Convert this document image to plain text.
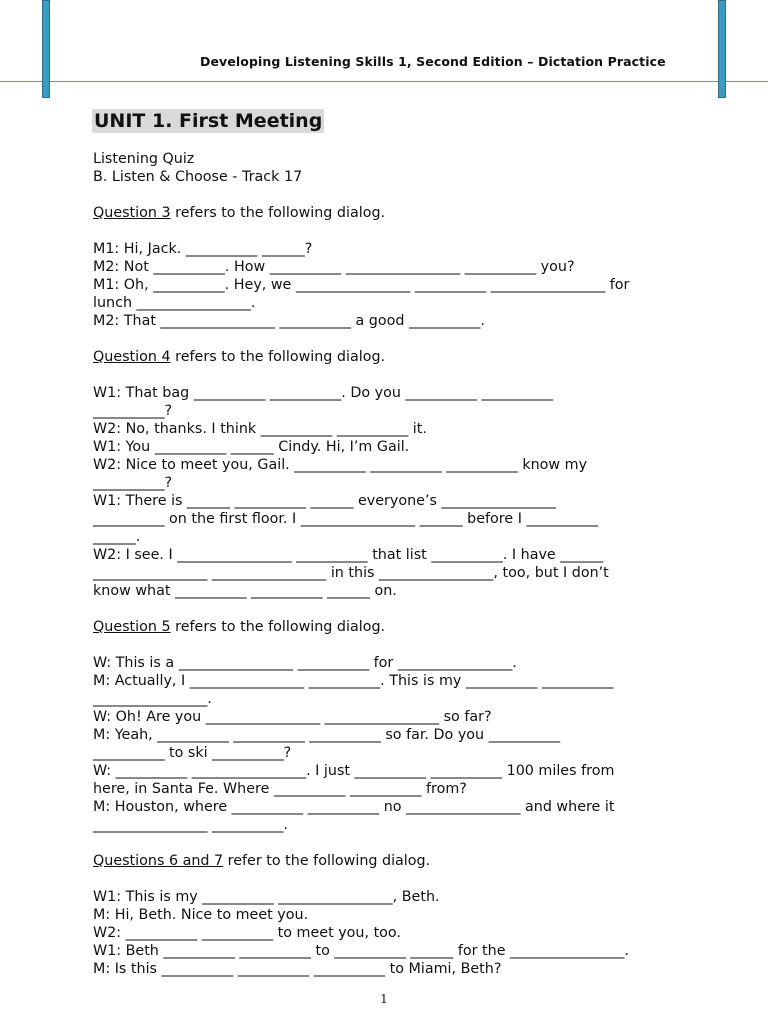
Developing Listening Skills 1, Second Edition – Dictation Practice
UNIT 1. First Meeting

Listening Quiz

B. Listen & Choose - Track 17

Question 3 refers to the following dialog.

M1: Hi, Jack. __________ ______?

M2: Not __________. How __________ ________________ __________ you?

M1: Oh, __________. Hey, we ________________ __________ ________________ for

lunch ________________.

M2: That ________________ __________ a good __________.

Question 4 refers to the following dialog.

W1: That bag __________ __________. Do you __________ __________

__________?

W2: No, thanks. I think __________ __________ it.

W1: You __________ ______ Cindy. Hi, I’m Gail.

W2: Nice to meet you, Gail. __________ __________ __________ know my

__________?

W1: There is ______ __________ ______ everyone’s ________________

__________ on the first floor. I ________________ ______ before I __________

______.

W2: I see. I ________________ __________ that list __________. I have ______

________________ ________________ in this ________________, too, but I don’t

know what __________ __________ ______ on.

Question 5 refers to the following dialog.

W: This is a ________________ __________ for ________________.

M: Actually, I ________________ __________. This is my __________ __________

________________.

W: Oh! Are you ________________ ________________ so far?

M: Yeah, __________ __________ __________ so far. Do you __________

__________ to ski __________?

W: __________ ________________. I just __________ __________ 100 miles from

here, in Santa Fe. Where __________ __________ from?

M: Houston, where __________ __________ no ________________ and where it

________________ __________.

Questions 6 and 7 refer to the following dialog.

W1: This is my __________ ________________, Beth.

M: Hi, Beth. Nice to meet you.

W2: __________ __________ to meet you, too.

W1: Beth __________ __________ to __________ ______ for the ________________.

M: Is this __________ __________ __________ to Miami, Beth?

1
